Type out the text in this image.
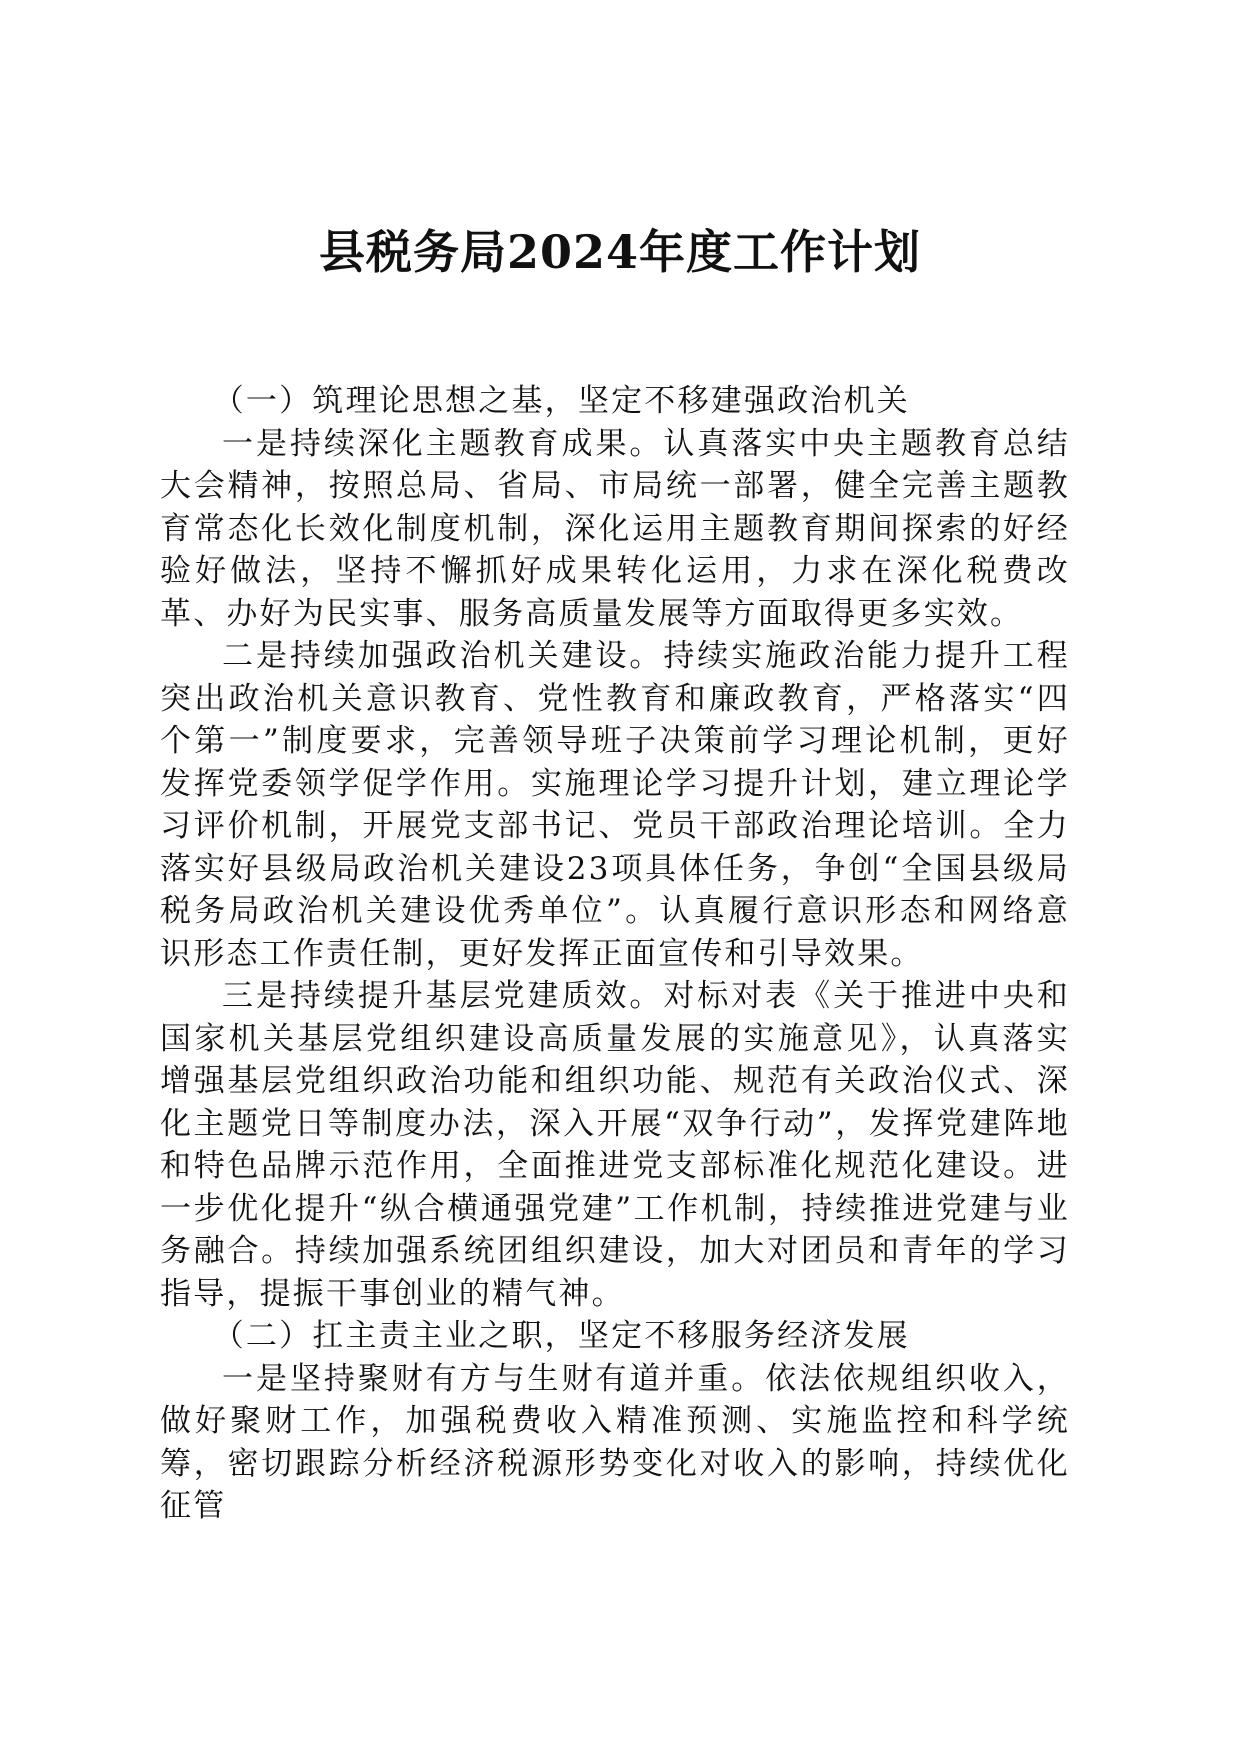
县税务局2024年度工作计划

（一）筑理论思想之基，坚定不移建强政治机关

一是持续深化主题教育成果。认真落实中央主题教育总结大会精神，按照总局、省局、市局统一部署，健全完善主题教育常态化长效化制度机制，深化运用主题教育期间探索的好经验好做法，坚持不懈抓好成果转化运用，力求在深化税费改革、办好为民实事、服务高质量发展等方面取得更多实效。

二是持续加强政治机关建设。持续实施政治能力提升工程突出政治机关意识教育、党性教育和廉政教育，严格落实“四个第一”制度要求，完善领导班子决策前学习理论机制，更好发挥党委领学促学作用。实施理论学习提升计划，建立理论学习评价机制，开展党支部书记、党员干部政治理论培训。全力落实好县级局政治机关建设23项具体任务，争创“全国县级局税务局政治机关建设优秀单位”。认真履行意识形态和网络意识形态工作责任制，更好发挥正面宣传和引导效果。

三是持续提升基层党建质效。对标对表《关于推进中央和国家机关基层党组织建设高质量发展的实施意见》，认真落实增强基层党组织政治功能和组织功能、规范有关政治仪式、深化主题党日等制度办法，深入开展“双争行动”，发挥党建阵地和特色品牌示范作用，全面推进党支部标准化规范化建设。进一步优化提升“纵合横通强党建”工作机制，持续推进党建与业务融合。持续加强系统团组织建设，加大对团员和青年的学习指导，提振干事创业的精气神。

（二）扛主责主业之职，坚定不移服务经济发展

一是坚持聚财有方与生财有道并重。依法依规组织收入，做好聚财工作，加强税费收入精准预测、实施监控和科学统筹，密切跟踪分析经济税源形势变化对收入的影响，持续优化征管
